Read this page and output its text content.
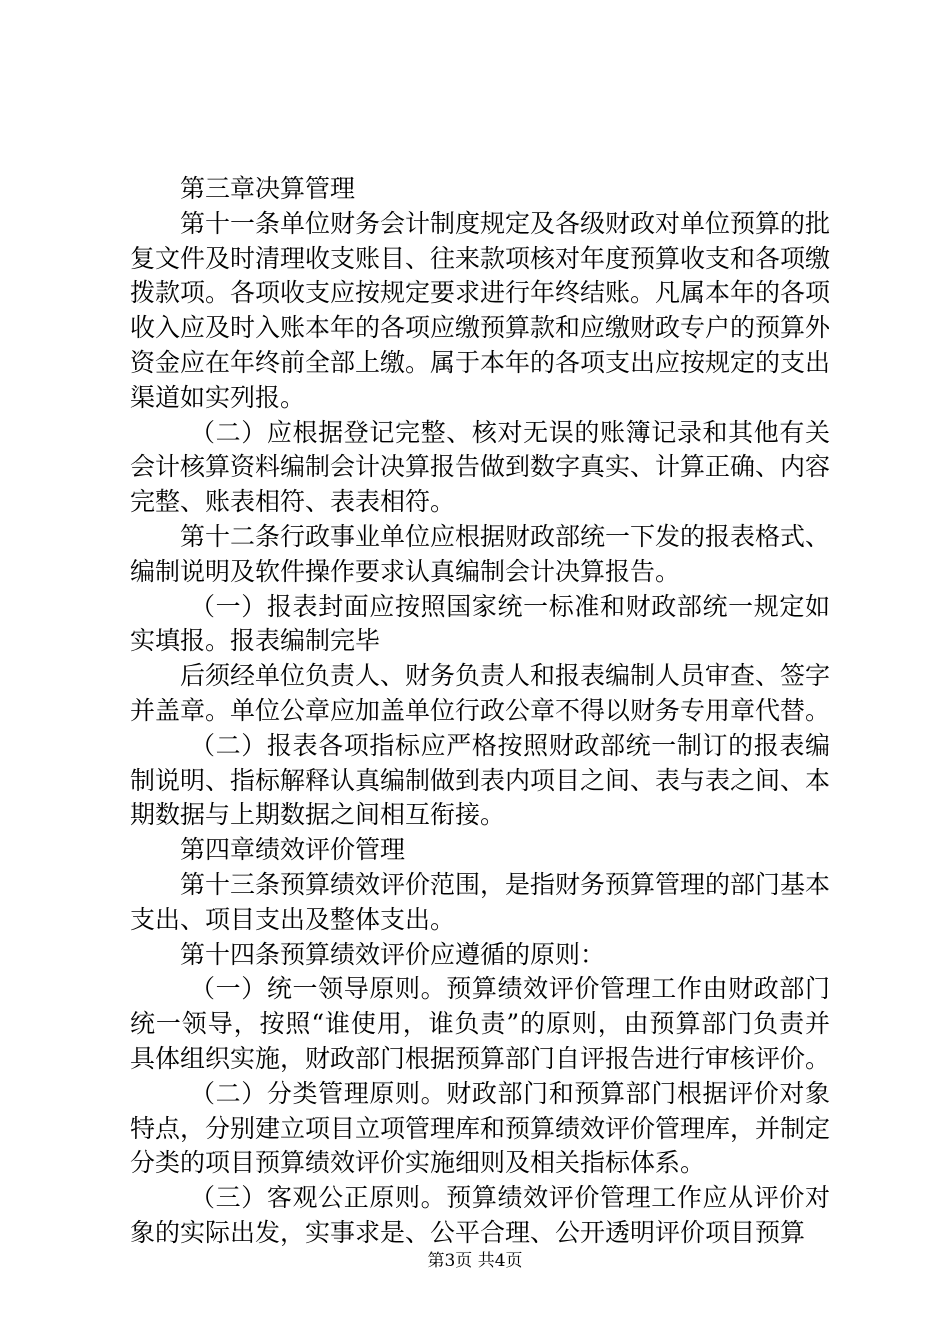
第三章决算管理

第十一条单位财务会计制度规定及各级财政对单位预算的批复文件及时清理收支账目、往来款项核对年度预算收支和各项缴拨款项。各项收支应按规定要求进行年终结账。凡属本年的各项收入应及时入账本年的各项应缴预算款和应缴财政专户的预算外资金应在年终前全部上缴。属于本年的各项支出应按规定的支出渠道如实列报。

（二）应根据登记完整、核对无误的账簿记录和其他有关会计核算资料编制会计决算报告做到数字真实、计算正确、内容完整、账表相符、表表相符。

第十二条行政事业单位应根据财政部统一下发的报表格式、编制说明及软件操作要求认真编制会计决算报告。

（一）报表封面应按照国家统一标准和财政部统一规定如实填报。报表编制完毕

后须经单位负责人、财务负责人和报表编制人员审查、签字并盖章。单位公章应加盖单位行政公章不得以财务专用章代替。

（二）报表各项指标应严格按照财政部统一制订的报表编制说明、指标解释认真编制做到表内项目之间、表与表之间、本期数据与上期数据之间相互衔接。

第四章绩效评价管理

第十三条预算绩效评价范围，是指财务预算管理的部门基本支出、项目支出及整体支出。

第十四条预算绩效评价应遵循的原则：

（一）统一领导原则。预算绩效评价管理工作由财政部门统一领导，按照“谁使用，谁负责”的原则，由预算部门负责并具体组织实施，财政部门根据预算部门自评报告进行审核评价。

（二）分类管理原则。财政部门和预算部门根据评价对象特点，分别建立项目立项管理库和预算绩效评价管理库，并制定分类的项目预算绩效评价实施细则及相关指标体系。

（三）客观公正原则。预算绩效评价管理工作应从评价对象的实际出发，实事求是、公平合理、公开透明评价项目预算

第3页 共4页
